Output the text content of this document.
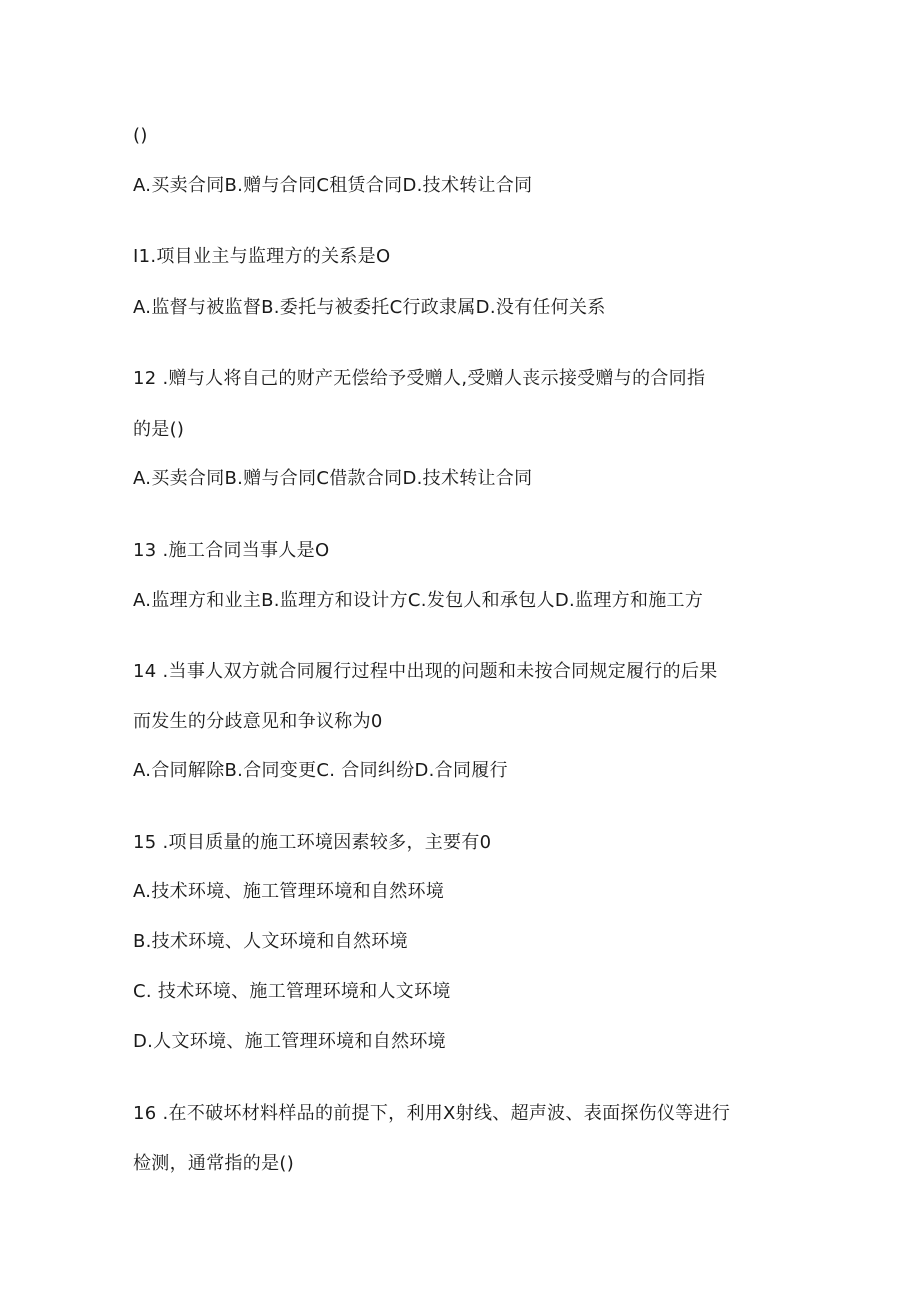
()
A.买卖合同B.赠与合同C租赁合同D.技术转让合同
I1.项目业主与监理方的关系是O
A.监督与被监督B.委托与被委托C行政隶属D.没有任何关系
12 .赠与人将自己的财产无偿给予受赠人,受赠人丧示接受赠与的合同指
的是()
A.买卖合同B.赠与合同C借款合同D.技术转让合同
13 .施工合同当事人是O
A.监理方和业主B.监理方和设计方C.发包人和承包人D.监理方和施工方
14 .当事人双方就合同履行过程中出现的问题和未按合同规定履行的后果
而发生的分歧意见和争议称为0
A.合同解除B.合同变更C. 合同纠纷D.合同履行
15 .项目质量的施工环境因素较多，主要有0
A.技术环境、施工管理环境和自然环境
B.技术环境、人文环境和自然环境
C. 技术环境、施工管理环境和人文环境
D.人文环境、施工管理环境和自然环境
16 .在不破坏材料样品的前提下，利用X射线、超声波、表面探伤仪等进行
检测，通常指的是()
